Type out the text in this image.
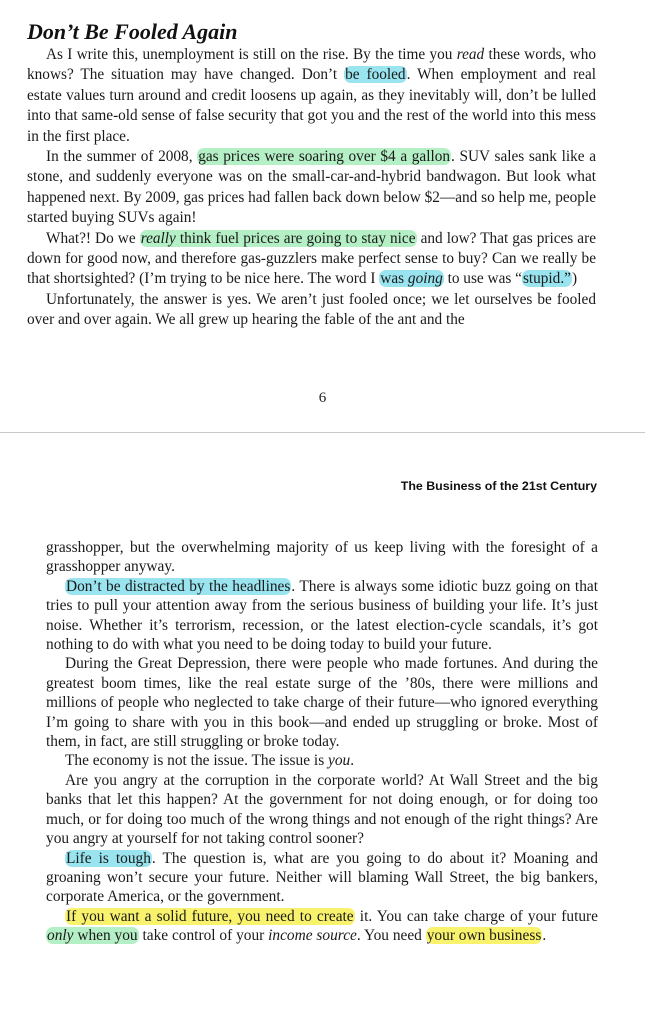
Don’t Be Fooled Again

As I write this, unemployment is still on the rise. By the time you read these words, who knows? The situation may have changed. Don’t be fooled. When employment and real estate values turn around and credit loosens up again, as they inevitably will, don’t be lulled into that same-old sense of false security that got you and the rest of the world into this mess in the first place.

In the summer of 2008, gas prices were soaring over $4 a gallon. SUV sales sank like a stone, and suddenly everyone was on the small-car-and-hybrid bandwagon. But look what happened next. By 2009, gas prices had fallen back down below $2—and so help me, people started buying SUVs again!

What?! Do we really think fuel prices are going to stay nice and low? That gas prices are down for good now, and therefore gas-guzzlers make perfect sense to buy? Can we really be that shortsighted? (I’m trying to be nice here. The word I was going to use was “stupid.”)

Unfortunately, the answer is yes. We aren’t just fooled once; we let ourselves be fooled over and over again. We all grew up hearing the fable of the ant and the

6
The Business of the 21st Century

grasshopper, but the overwhelming majority of us keep living with the foresight of a grasshopper anyway.

Don’t be distracted by the headlines. There is always some idiotic buzz going on that tries to pull your attention away from the serious business of building your life. It’s just noise. Whether it’s terrorism, recession, or the latest election-cycle scandals, it’s got nothing to do with what you need to be doing today to build your future.

During the Great Depression, there were people who made fortunes. And during the greatest boom times, like the real estate surge of the ’80s, there were millions and millions of people who neglected to take charge of their future—who ignored everything I’m going to share with you in this book—and ended up struggling or broke. Most of them, in fact, are still struggling or broke today.

The economy is not the issue. The issue is you.

Are you angry at the corruption in the corporate world? At Wall Street and the big banks that let this happen? At the government for not doing enough, or for doing too much, or for doing too much of the wrong things and not enough of the right things? Are you angry at yourself for not taking control sooner?

Life is tough. The question is, what are you going to do about it? Moaning and groaning won’t secure your future. Neither will blaming Wall Street, the big bankers, corporate America, or the government.

If you want a solid future, you need to create it. You can take charge of your future only when you take control of your income source. You need your own business.
